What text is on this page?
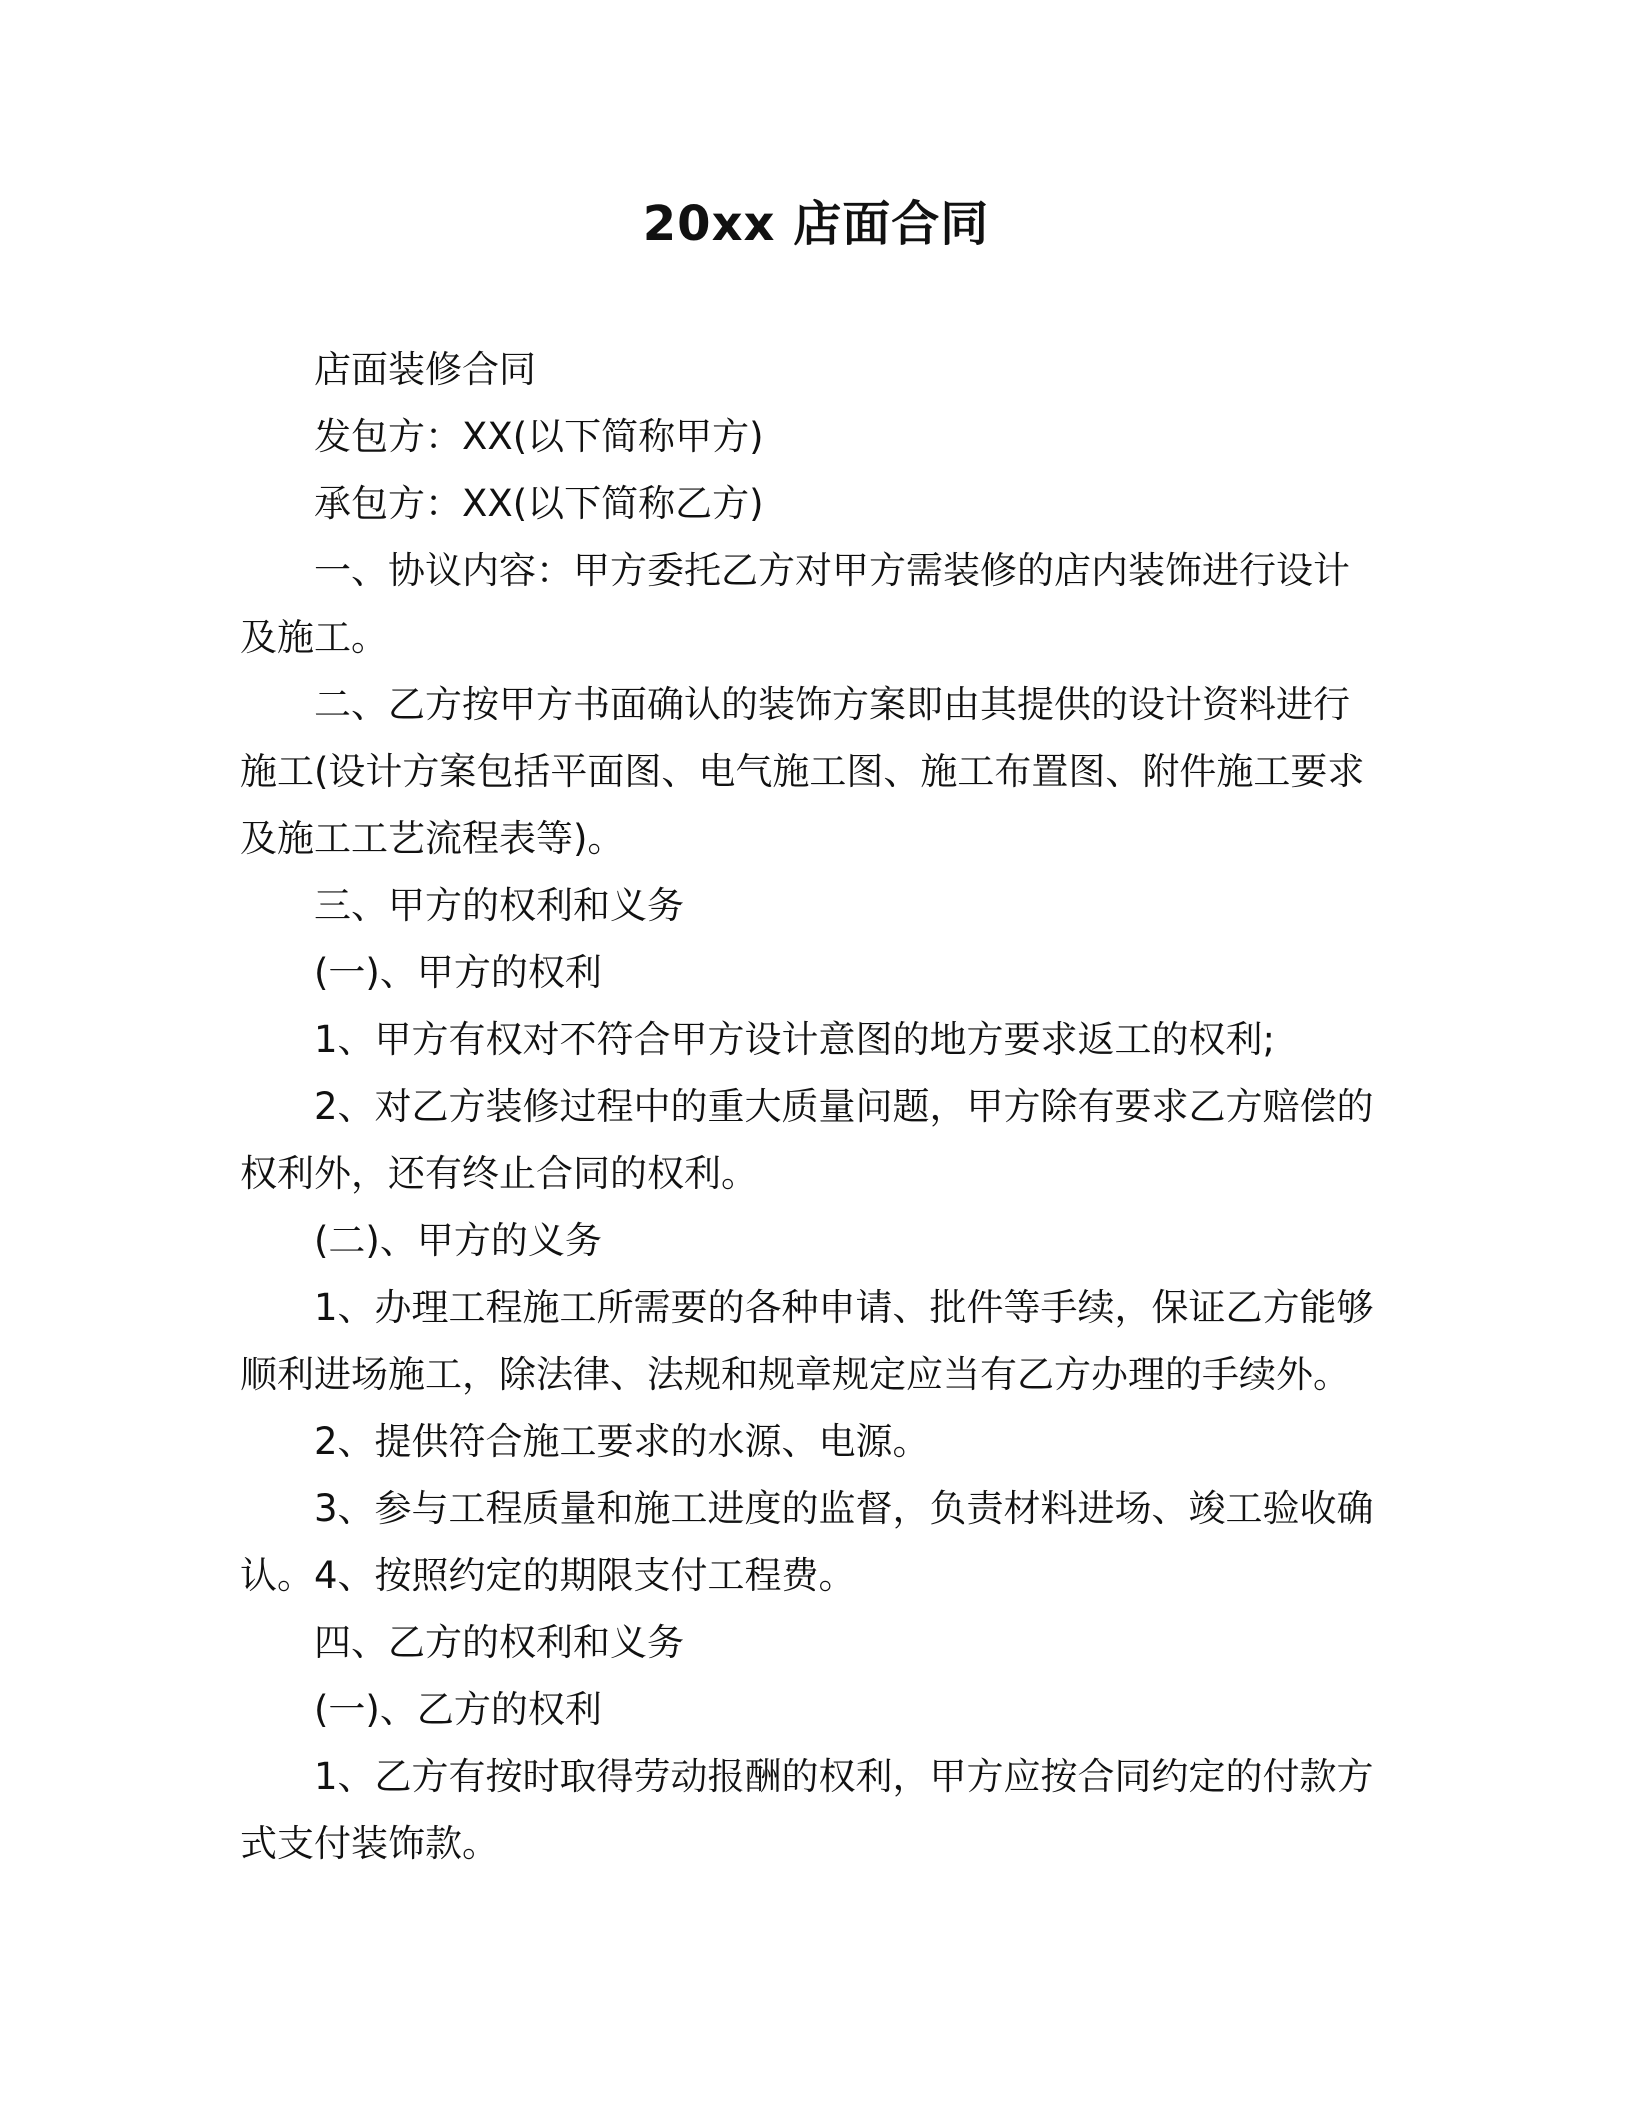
20xx 店面合同

店面装修合同

发包方：XX(以下简称甲方)

承包方：XX(以下简称乙方)

一、协议内容：甲方委托乙方对甲方需装修的店内装饰进行设计及施工。

二、乙方按甲方书面确认的装饰方案即由其提供的设计资料进行施工(设计方案包括平面图、电气施工图、施工布置图、附件施工要求及施工工艺流程表等)。

三、甲方的权利和义务

(一)、甲方的权利

1、甲方有权对不符合甲方设计意图的地方要求返工的权利;

2、对乙方装修过程中的重大质量问题，甲方除有要求乙方赔偿的权利外，还有终止合同的权利。

(二)、甲方的义务

1、办理工程施工所需要的各种申请、批件等手续，保证乙方能够顺利进场施工，除法律、法规和规章规定应当有乙方办理的手续外。

2、提供符合施工要求的水源、电源。

3、参与工程质量和施工进度的监督，负责材料进场、竣工验收确认。4、按照约定的期限支付工程费。

四、乙方的权利和义务

(一)、乙方的权利

1、乙方有按时取得劳动报酬的权利，甲方应按合同约定的付款方式支付装饰款。
